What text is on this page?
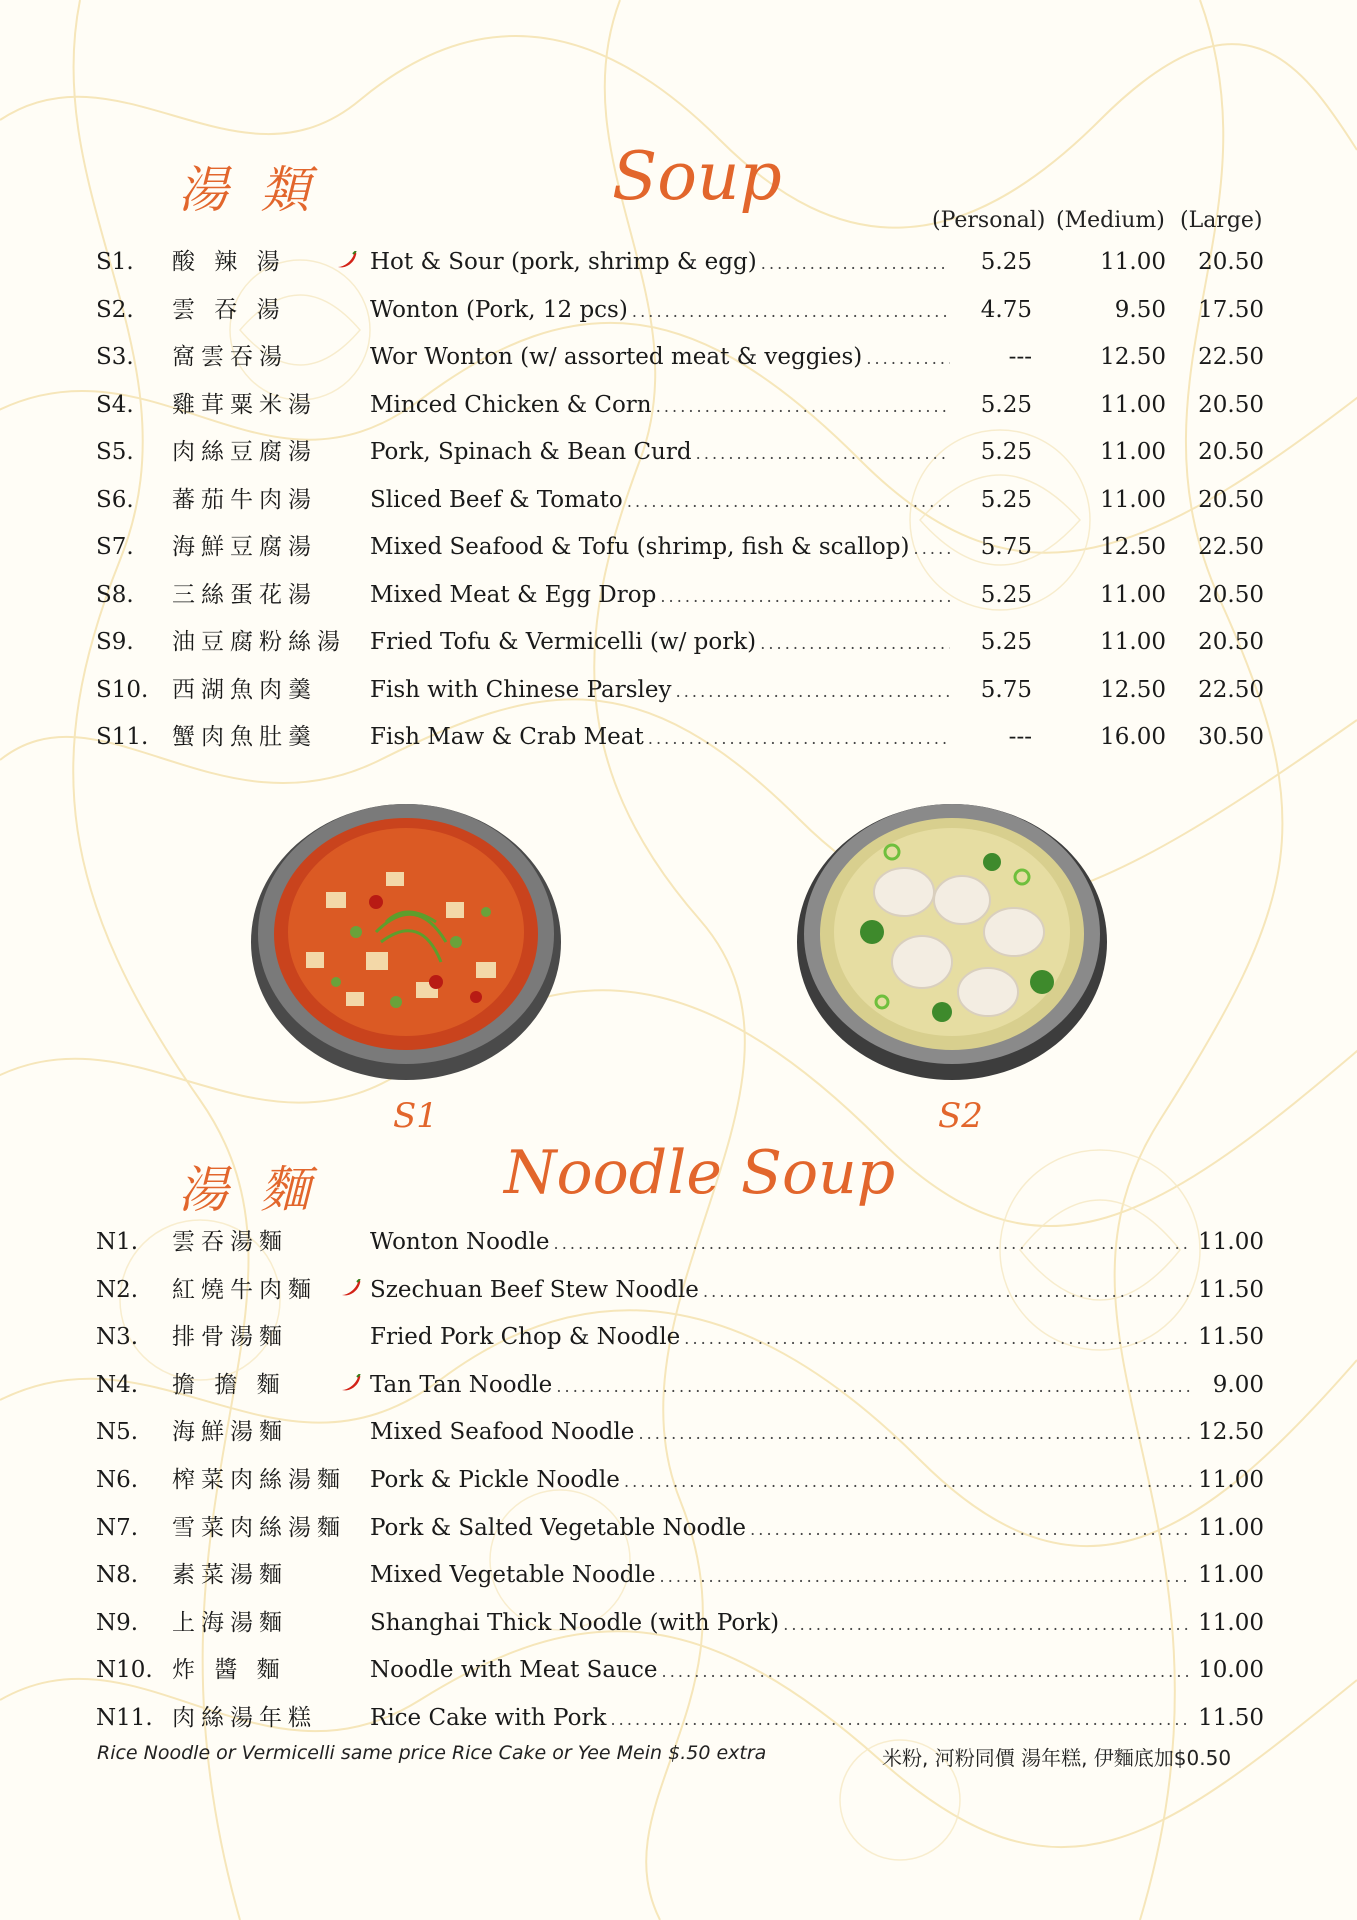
湯類	Soup
(Personal) (Medium) (Large)
S1.	酸 辣 湯	Hot & Sour (pork, shrimp & egg) . . .	5.25	11.00	20.50
S2.	雲 吞 湯	Wonton (Pork, 12 pcs) . . .	4.75	9.50	17.50
S3.	窩雲吞湯	Wor Wonton (w/ assorted meat & veggies) . . .	---	12.50	22.50
S4.	雞茸粟米湯	Minced Chicken & Corn . . .	5.25	11.00	20.50
S5.	肉絲豆腐湯	Pork, Spinach & Bean Curd . . .	5.25	11.00	20.50
S6.	蕃茄牛肉湯	Sliced Beef & Tomato . . .	5.25	11.00	20.50
S7.	海鮮豆腐湯	Mixed Seafood & Tofu (shrimp, fish & scallop) . . .	5.75	12.50	22.50
S8.	三絲蛋花湯	Mixed Meat & Egg Drop . . .	5.25	11.00	20.50
S9.	油豆腐粉絲湯 Fried Tofu & Vermicelli (w/ pork) . . .	5.25	11.00	20.50
S10.	西湖魚肉羹	Fish with Chinese Parsley . . .	5.75	12.50	22.50
S11.	蟹肉魚肚羹	Fish Maw & Crab Meat . . .	---	16.00	30.50
S1	S2
湯麵	Noodle Soup
N1.	雲吞湯麵	Wonton Noodle . . .	11.00
N2.	紅燒牛肉麵	Szechuan Beef Stew Noodle . . .	11.50
N3.	排骨湯麵	Fried Pork Chop & Noodle . . .	11.50
N4.	擔 擔 麵	Tan Tan Noodle . . .	9.00
N5.	海鮮湯麵	Mixed Seafood Noodle . . .	12.50
N6.	榨菜肉絲湯麵 Pork & Pickle Noodle . . .	11.00
N7.	雪菜肉絲湯麵 Pork & Salted Vegetable Noodle . . .	11.00
N8.	素菜湯麵	Mixed Vegetable Noodle . . .	11.00
N9.	上海湯麵	Shanghai Thick Noodle (with Pork) . . .	11.00
N10. 炸 醬 麵	Noodle with Meat Sauce . . .	10.00
N11. 肉絲湯年糕	Rice Cake with Pork . . .	11.50
Rice Noodle or Vermicelli same price Rice Cake or Yee Mein $.50 extra	米粉, 河粉同價 湯年糕, 伊麵底加$0.50
